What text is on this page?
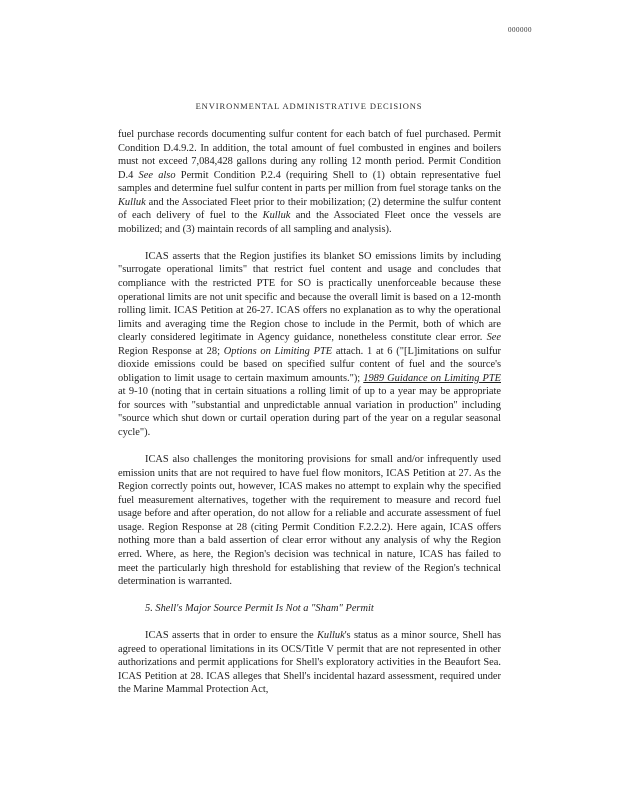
000000
ENVIRONMENTAL ADMINISTRATIVE DECISIONS

fuel purchase records documenting sulfur content for each batch of fuel purchased. Permit Condition D.4.9.2. In addition, the total amount of fuel combusted in engines and boilers must not exceed 7,084,428 gallons during any rolling 12 month period. Permit Condition D.4 See also Permit Condition P.2.4 (requiring Shell to (1) obtain representative fuel samples and determine fuel sulfur content in parts per million from fuel storage tanks on the Kulluk and the Associated Fleet prior to their mobilization; (2) determine the sulfur content of each delivery of fuel to the Kulluk and the Associated Fleet once the vessels are mobilized; and (3) maintain records of all sampling and analysis).

ICAS asserts that the Region justifies its blanket SO emissions limits by including "surrogate operational limits" that restrict fuel content and usage and concludes that compliance with the restricted PTE for SO is practically unenforceable because these operational limits are not unit specific and because the overall limit is based on a 12-month rolling limit. ICAS Petition at 26-27. ICAS offers no explanation as to why the operational limits and averaging time the Region chose to include in the Permit, both of which are clearly considered legitimate in Agency guidance, nonetheless constitute clear error. See Region Response at 28; Options on Limiting PTE attach. 1 at 6 ("[L]imitations on sulfur dioxide emissions could be based on specified sulfur content of fuel and the source's obligation to limit usage to certain maximum amounts."); 1989 Guidance on Limiting PTE at 9-10 (noting that in certain situations a rolling limit of up to a year may be appropriate for sources with "substantial and unpredictable annual variation in production" including "source which shut down or curtail operation during part of the year on a regular seasonal cycle").

ICAS also challenges the monitoring provisions for small and/or infrequently used emission units that are not required to have fuel flow monitors, ICAS Petition at 27. As the Region correctly points out, however, ICAS makes no attempt to explain why the specified fuel measurement alternatives, together with the requirement to measure and record fuel usage before and after operation, do not allow for a reliable and accurate assessment of fuel usage. Region Response at 28 (citing Permit Condition F.2.2.2). Here again, ICAS offers nothing more than a bald assertion of clear error without any analysis of why the Region erred. Where, as here, the Region's decision was technical in nature, ICAS has failed to meet the particularly high threshold for establishing that review of the Region's technical determination is warranted.

5. Shell's Major Source Permit Is Not a "Sham" Permit

ICAS asserts that in order to ensure the Kulluk's status as a minor source, Shell has agreed to operational limitations in its OCS/Title V permit that are not represented in other authorizations and permit applications for Shell's exploratory activities in the Beaufort Sea. ICAS Petition at 28. ICAS alleges that Shell's incidental hazard assessment, required under the Marine Mammal Protection Act,
